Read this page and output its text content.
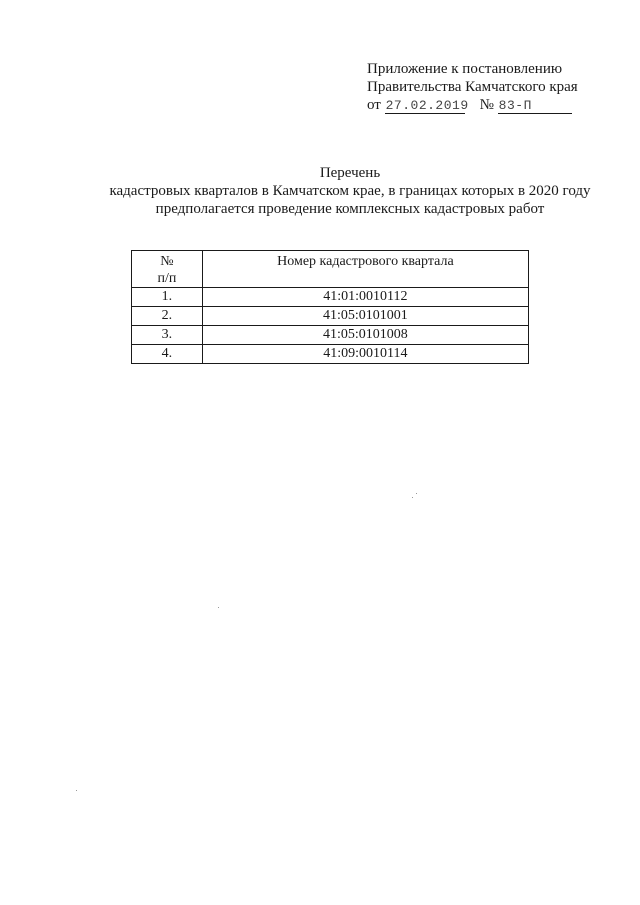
Приложение к постановлению
Правительства Камчатского края
от 27.02.2019 № 83-П
Перечень
кадастровых кварталов в Камчатском крае, в границах которых в 2020 году
предполагается проведение комплексных кадастровых работ
№
п/п	Номер кадастрового квартала
1.	41:01:0010112
2.	41:05:0101001
3.	41:05:0101008
4.	41:09:0010114
